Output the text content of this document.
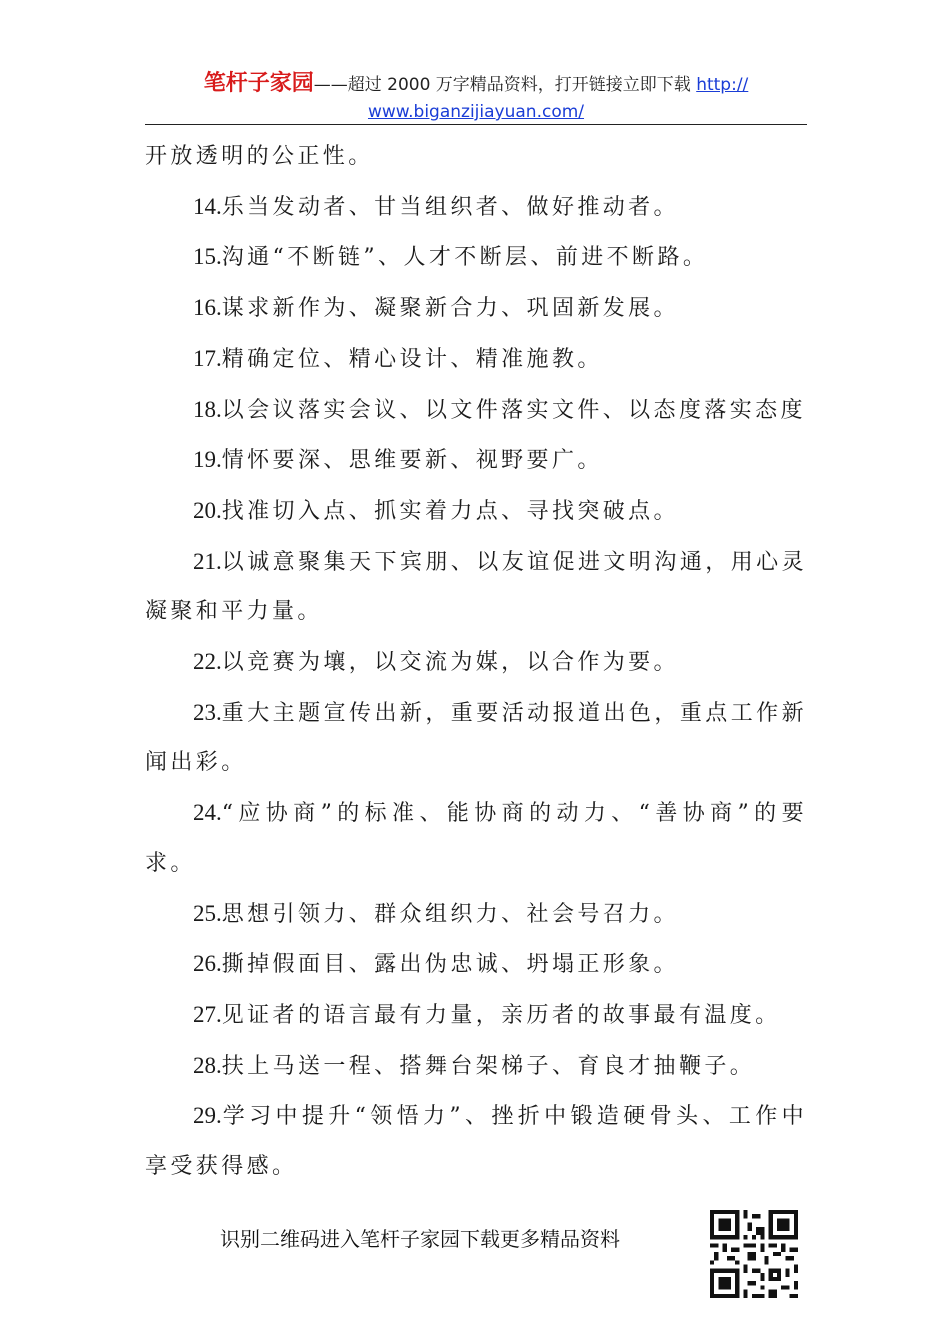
笔杆子家园——超过 2000 万字精品资料，打开链接立即下载 http://
www.biganzijiayuan.com/

开放透明的公正性。

14.乐当发动者、甘当组织者、做好推动者。

15.沟通“不断链”、人才不断层、前进不断路。

16.谋求新作为、凝聚新合力、巩固新发展。

17.精确定位、精心设计、精准施教。

18.以会议落实会议、以文件落实文件、以态度落实态度

19.情怀要深、思维要新、视野要广。

20.找准切入点、抓实着力点、寻找突破点。

21.以诚意聚集天下宾朋、以友谊促进文明沟通，用心灵凝聚和平力量。

22.以竞赛为壤，以交流为媒，以合作为要。

23.重大主题宣传出新，重要活动报道出色，重点工作新闻出彩。

24.“应协商”的标准、能协商的动力、“善协商”的要求。

25.思想引领力、群众组织力、社会号召力。

26.撕掉假面目、露出伪忠诚、坍塌正形象。

27.见证者的语言最有力量，亲历者的故事最有温度。

28.扶上马送一程、搭舞台架梯子、育良才抽鞭子。

29.学习中提升“领悟力”、挫折中锻造硬骨头、工作中享受获得感。

识别二维码进入笔杆子家园下载更多精品资料
